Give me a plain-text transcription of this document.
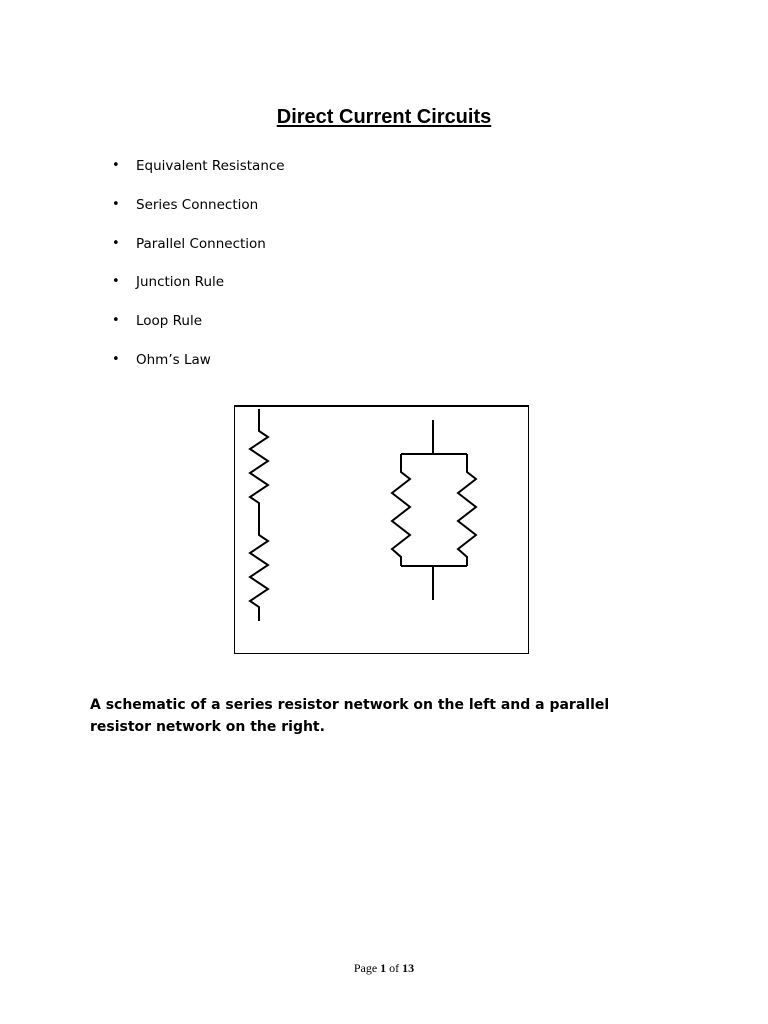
Direct Current Circuits
• Equivalent Resistance
• Series Connection
• Parallel Connection
• Junction Rule
• Loop Rule
• Ohm’s Law
A schematic of a series resistor network on the left and a parallel resistor network on the right.
Page 1 of 13
